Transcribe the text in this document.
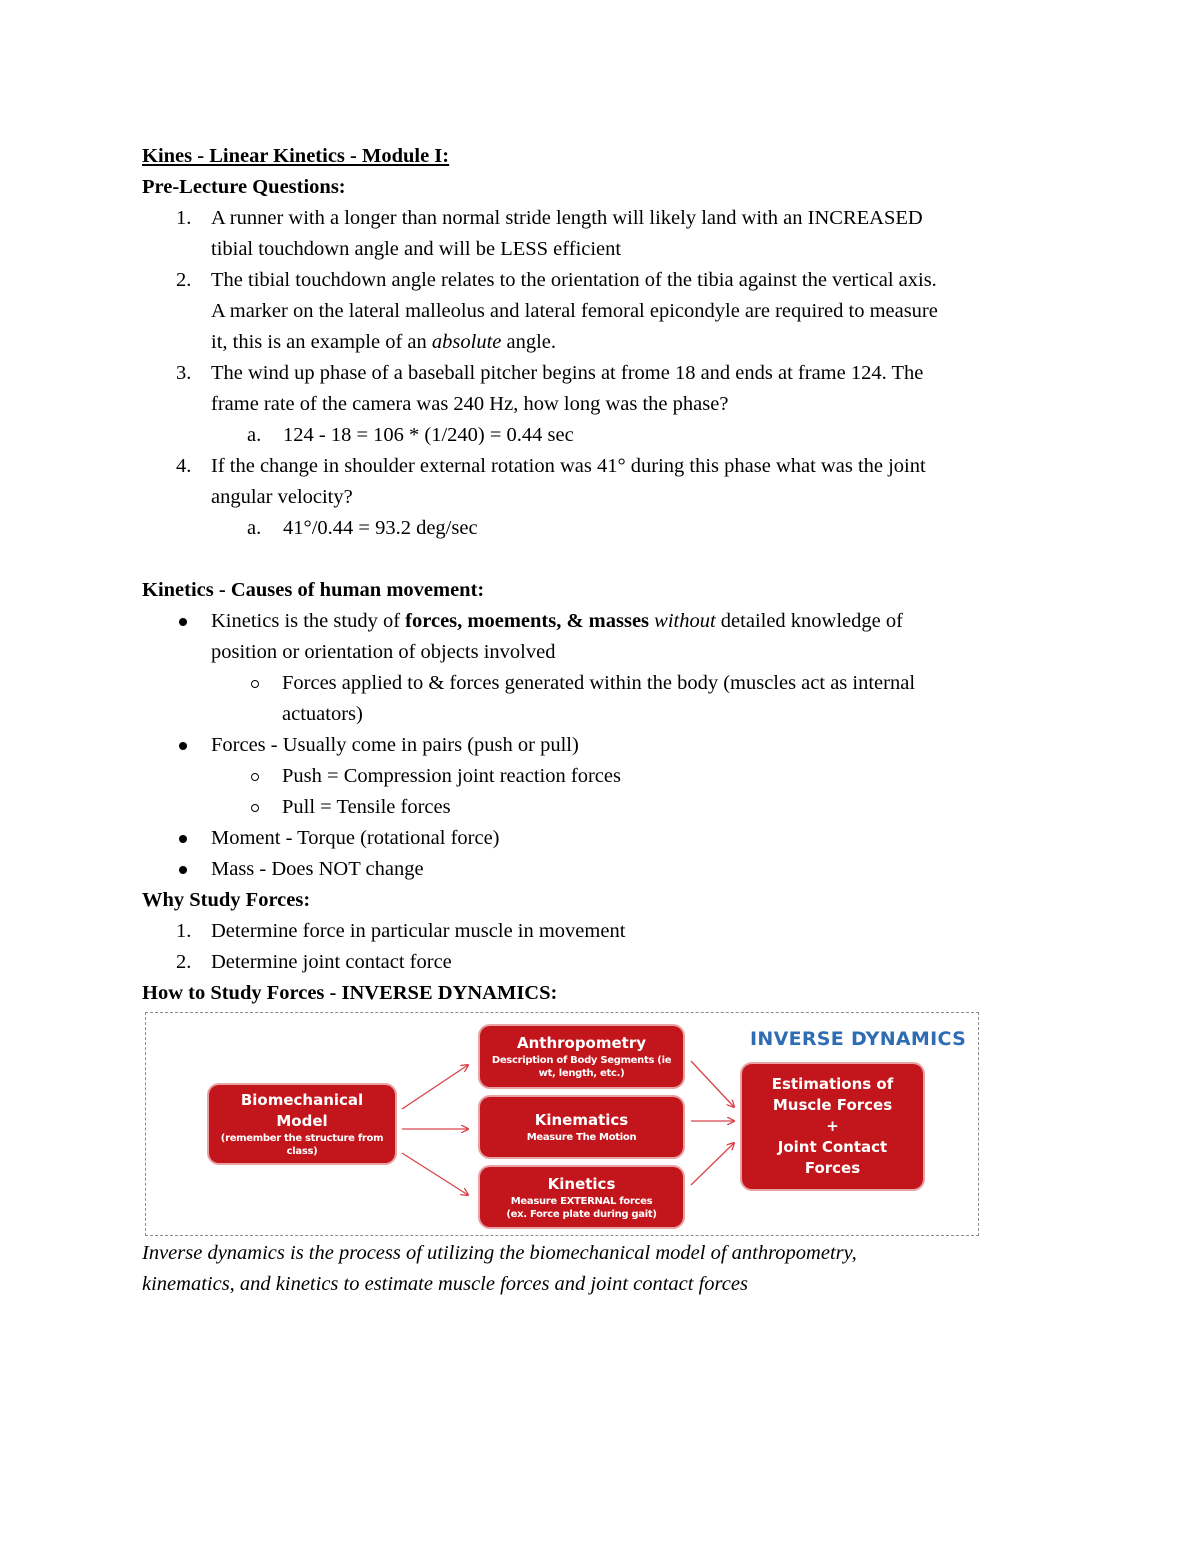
Kines - Linear Kinetics - Module I:
Pre-Lecture Questions:
1. A runner with a longer than normal stride length will likely land with an INCREASED
tibial touchdown angle and will be LESS efficient
2. The tibial touchdown angle relates to the orientation of the tibia against the vertical axis.
A marker on the lateral malleolus and lateral femoral epicondyle are required to measure
it, this is an example of an absolute angle.
3. The wind up phase of a baseball pitcher begins at frome 18 and ends at frame 124. The
frame rate of the camera was 240 Hz, how long was the phase?
a. 124 - 18 = 106 * (1/240) = 0.44 sec
4. If the change in shoulder external rotation was 41° during this phase what was the joint
angular velocity?
a. 41°/0.44 = 93.2 deg/sec
Kinetics - Causes of human movement:
Kinetics is the study of forces, moements, & masses without detailed knowledge of
position or orientation of objects involved
Forces applied to & forces generated within the body (muscles act as internal
actuators)
Forces - Usually come in pairs (push or pull)
Push = Compression joint reaction forces
Pull = Tensile forces
Moment - Torque (rotational force)
Mass - Does NOT change
Why Study Forces:
1. Determine force in particular muscle in movement
2. Determine joint contact force
How to Study Forces - INVERSE DYNAMICS:
INVERSE DYNAMICS
Biomechanical
Model
(remember the structure from
class)
Anthropometry
Description of Body Segments (ie
wt, length, etc.)
Kinematics
Measure The Motion
Kinetics
Measure EXTERNAL forces
(ex. Force plate during gait)
Estimations of
Muscle Forces
+
Joint Contact
Forces
Inverse dynamics is the process of utilizing the biomechanical model of anthropometry,
kinematics, and kinetics to estimate muscle forces and joint contact forces
